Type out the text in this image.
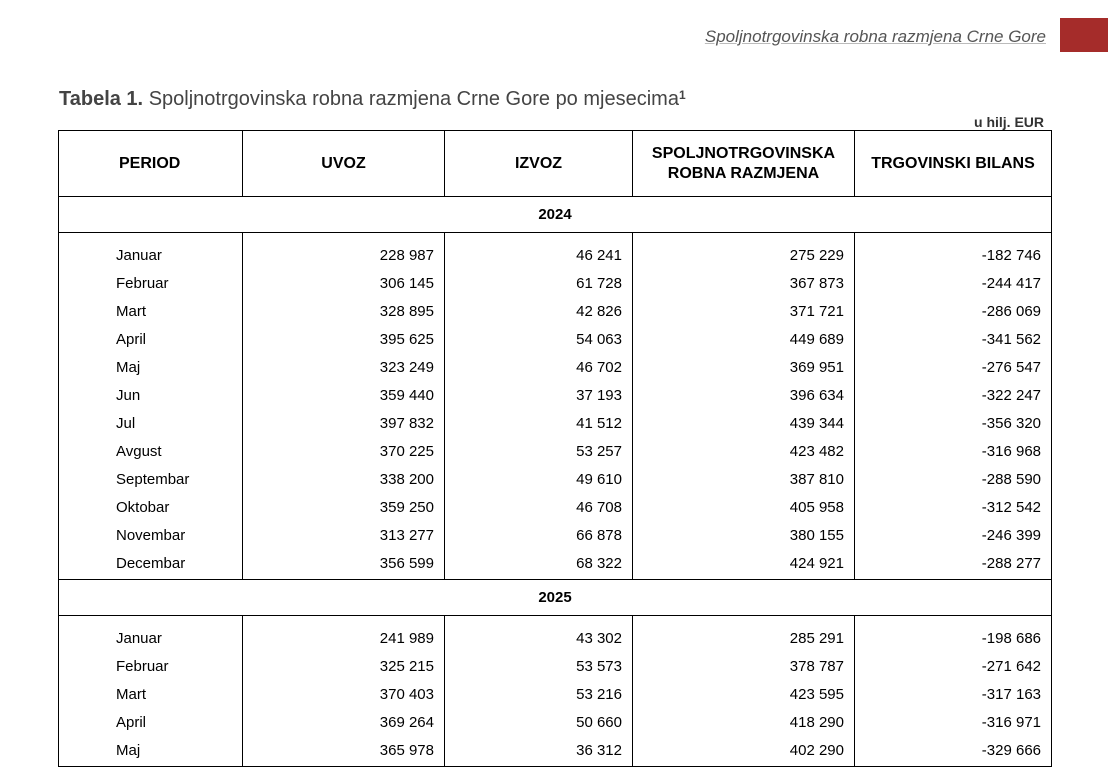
Spoljnotrgovinska robna razmjena Crne Gore
Tabela 1. Spoljnotrgovinska robna razmjena Crne Gore po mjesecima$^1$
u hilj. EUR
PERIOD	UVOZ	IZVOZ	SPOLJNOTRGOVINSKA ROBNA RAZMJENA	TRGOVINSKI BILANS
2024				
Januar	228 987	46 241	275 229	-182 746
Februar	306 145	61 728	367 873	-244 417
Mart	328 895	42 826	371 721	-286 069
April	395 625	54 063	449 689	-341 562
Maj	323 249	46 702	369 951	-276 547
Jun	359 440	37 193	396 634	-322 247
Jul	397 832	41 512	439 344	-356 320
Avgust	370 225	53 257	423 482	-316 968
Septembar	338 200	49 610	387 810	-288 590
Oktobar	359 250	46 708	405 958	-312 542
Novembar	313 277	66 878	380 155	-246 399
Decembar	356 599	68 322	424 921	-288 277
2025				
Januar	241 989	43 302	285 291	-198 686
Februar	325 215	53 573	378 787	-271 642
Mart	370 403	53 216	423 595	-317 163
April	369 264	50 660	418 290	-316 971
Maj	365 978	36 312	402 290	-329 666
